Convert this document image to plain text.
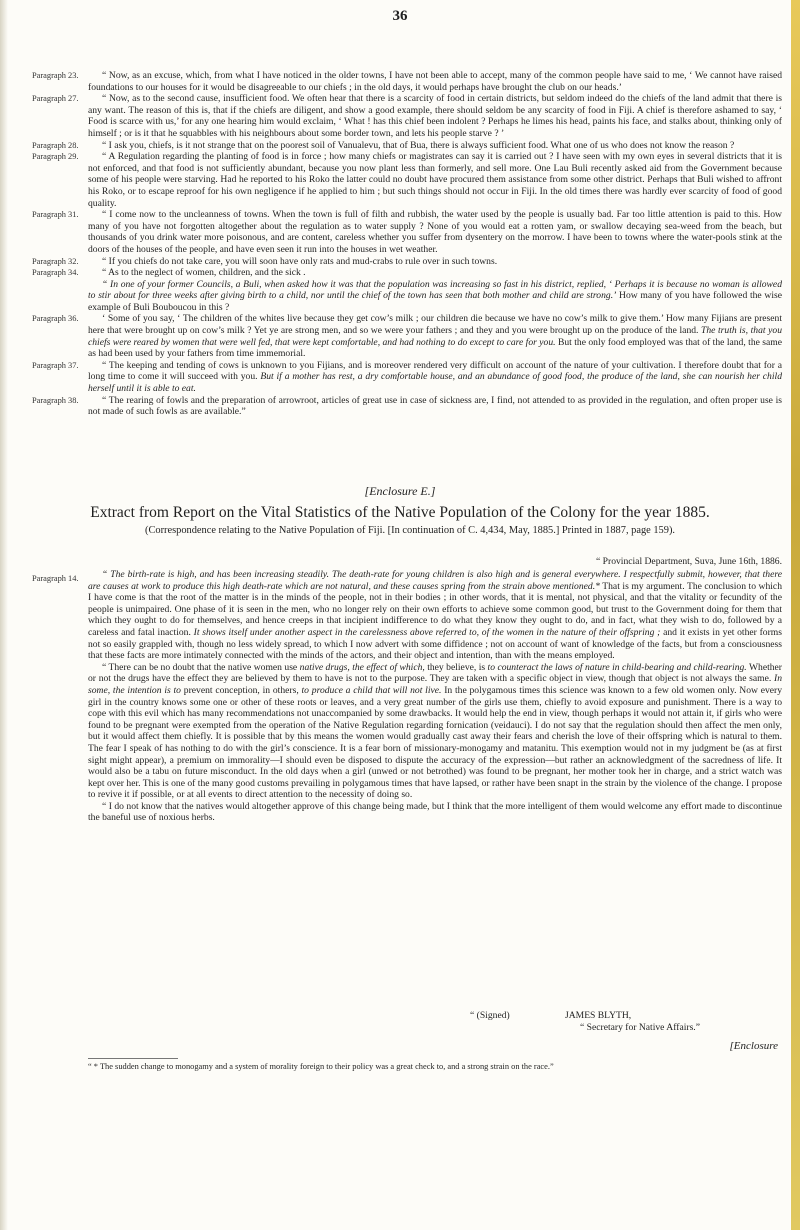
36
Paragraph 23.	“ Now, as an excuse, which, from what I have noticed in the older towns, I have not been able to accept, many of the common people have said to me, ‘ We cannot have raised foundations to our houses for it would be disagreeable to our chiefs ; in the old days, it would perhaps have brought the club on our heads.’
Paragraph 27.	“ Now, as to the second cause, insufficient food. We often hear that there is a scarcity of food in certain districts, but seldom indeed do the chiefs of the land admit that there is any want. The reason of this is, that if the chiefs are diligent, and show a good example, there should seldom be any scarcity of food in Fiji. A chief is therefore ashamed to say, ‘ Food is scarce with us,’ for any one hearing him would exclaim, ‘ What ! has this chief been indolent ? Perhaps he limes his head, paints his face, and stalks about, thinking only of himself ; or is it that he squabbles with his neighbours about some border town, and lets his people starve ? ’
Paragraph 28.	“ I ask you, chiefs, is it not strange that on the poorest soil of Vanualevu, that of Bua, there is always sufficient food. What one of us who does not know the reason ?
Paragraph 29.	“ A Regulation regarding the planting of food is in force ; how many chiefs or magistrates can say it is carried out ? I have seen with my own eyes in several districts that it is not enforced, and that food is not sufficiently abundant, because you now plant less than formerly, and sell more. One Lau Buli recently asked aid from the Government because some of his people were starving. Had he reported to his Roko the latter could no doubt have procured them assistance from some other district. Perhaps that Buli wished to affront his Roko, or to escape reproof for his own negligence if he applied to him ; but such things should not occur in Fiji. In the old times there was hardly ever scarcity of food of good quality.
Paragraph 31.	“ I come now to the uncleanness of towns. When the town is full of filth and rubbish, the water used by the people is usually bad. Far too little attention is paid to this. How many of you have not forgotten altogether about the regulation as to water supply ? None of you would eat a rotten yam, or swallow decaying sea-weed from the beach, but thousands of you drink water more poisonous, and are content, careless whether you suffer from dysentery on the morrow. I have been to towns where the water-pools stink at the doors of the houses of the people, and have even seen it run into the houses in wet weather.
Paragraph 32.	“ If you chiefs do not take care, you will soon have only rats and mud-crabs to rule over in such towns.
Paragraph 34.	“ As to the neglect of women, children, and the sick .
“ In one of your former Councils, a Buli, when asked how it was that the population was increasing so fast in his district, replied, ‘ Perhaps it is because no woman is allowed to stir about for three weeks after giving birth to a child, nor until the chief of the town has seen that both mother and child are strong.’ How many of you have followed the wise example of Buli Bouboucou in this ?
Paragraph 36.	‘ Some of you say, ‘ The children of the whites live because they get cow’s milk ; our children die because we have no cow’s milk to give them.’ How many Fijians are present here that were brought up on cow’s milk ? Yet ye are strong men, and so we were your fathers ; and they and you were brought up on the produce of the land. The truth is, that you chiefs were reared by women that were well fed, that were kept comfortable, and had nothing to do except to care for you. But the only food employed was that of the land, the same as had been used by your fathers from time immemorial.
Paragraph 37.	“ The keeping and tending of cows is unknown to you Fijians, and is moreover rendered very difficult on account of the nature of your cultivation. I therefore doubt that for a long time to come it will succeed with you. But if a mother has rest, a dry comfortable house, and an abundance of good food, the produce of the land, she can nourish her child herself until it is able to eat.
Paragraph 38.	“ The rearing of fowls and the preparation of arrowroot, articles of great use in case of sickness are, I find, not attended to as provided in the regulation, and often proper use is not made of such fowls as are available.”
[Enclosure E.]
Extract from Report on the Vital Statistics of the Native Population of the Colony for the year 1885.
(Correspondence relating to the Native Population of Fiji. [In continuation of C. 4,434, May, 1885.] Printed in 1887, page 159).
“ Provincial Department, Suva, June 16th, 1886.
Paragraph 14.	“ The birth-rate is high, and has been increasing steadily. The death-rate for young children is also high and is general everywhere. I respectfully submit, however, that there are causes at work to produce this high death-rate which are not natural, and these causes spring from the strain above mentioned.* That is my argument. The conclusion to which I have come is that the root of the matter is in the minds of the people, not in their bodies ; in other words, that it is mental, not physical, and that the vitality or fecundity of the people is unimpaired. One phase of it is seen in the men, who no longer rely on their own efforts to achieve some common good, but trust to the Government doing for them that which they ought to do for themselves, and hence creeps in that incipient indifference to do what they know they ought to do, and in fact, what they wish to do, followed by a careless and fatal inaction. It shows itself under another aspect in the carelessness above referred to, of the women in the nature of their offspring ; and it exists in yet other forms not so easily grappled with, though no less widely spread, to which I now advert with some diffidence ; not on account of want of knowledge of the facts, but from a consciousness that these facts are more intimately connected with the minds of the actors, and their object and intention, than with the means employed.
“ There can be no doubt that the native women use native drugs, the effect of which, they believe, is to counteract the laws of nature in child-bearing and child-rearing. Whether or not the drugs have the effect they are believed by them to have is not to the purpose. They are taken with a specific object in view, though that object is not always the same. In some, the intention is to prevent conception, in others, to produce a child that will not live. In the polygamous times this science was known to a few old women only. Now every girl in the country knows some one or other of these roots or leaves, and a very great number of the girls use them, chiefly to avoid exposure and punishment. There is a way to cope with this evil which has many recommendations not unaccompanied by some drawbacks. It would help the end in view, though perhaps it would not attain it, if girls who were found to be pregnant were exempted from the operation of the Native Regulation regarding fornication (veidauci). I do not say that the regulation should then affect the men only, but it would affect them chiefly. It is possible that by this means the women would gradually cast away their fears and cherish the love of their offspring which is natural to them. The fear I speak of has nothing to do with the girl’s conscience. It is a fear born of missionary-monogamy and matanitu. This exemption would not in my judgment be (as at first sight might appear), a premium on immorality—I should even be disposed to dispute the accuracy of the expression—but rather an acknowledgment of the sacredness of life. It would also be a tabu on future misconduct. In the old days when a girl (unwed or not betrothed) was found to be pregnant, her mother took her in charge, and a strict watch was kept over her. This is one of the many good customs prevailing in polygamous times that have lapsed, or rather have been snapt in the strain by the violence of the change. I propose to revive it if possible, or at all events to direct attention to the necessity of doing so.
“ I do not know that the natives would altogether approve of this change being made, but I think that the more intelligent of them would welcome any effort made to discontinue the baneful use of noxious herbs.
“ (Signed)	JAMES BLYTH,
“ Secretary for Native Affairs.”
[Enclosure
“ * The sudden change to monogamy and a system of morality foreign to their policy was a great check to, and a strong strain on the race.”
